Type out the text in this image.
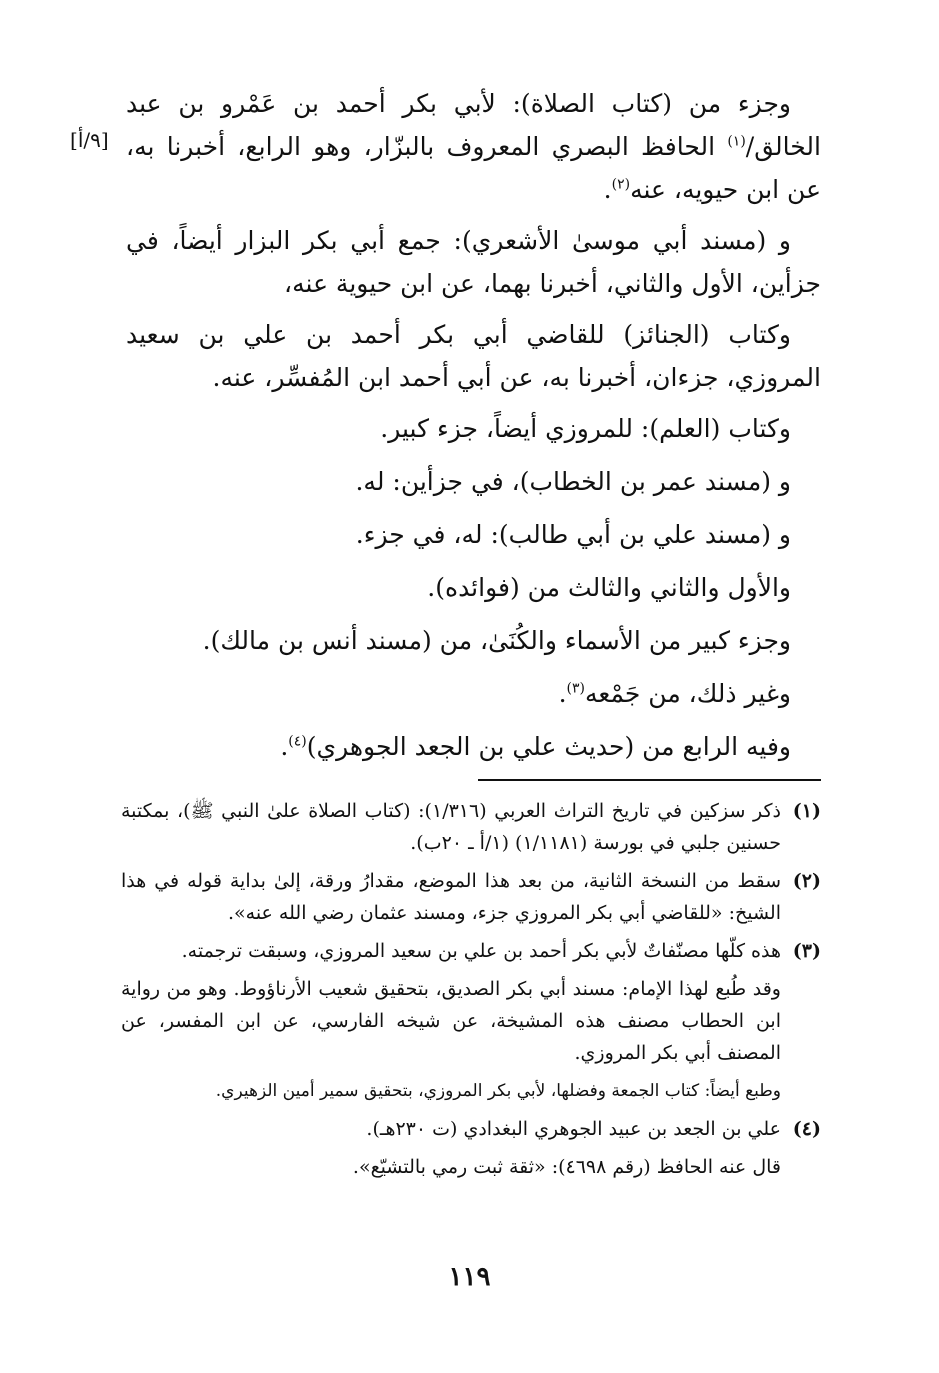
[٩/أ]

وجزء من (كتاب الصلاة): لأبي بكر أحمد بن عَمْرو بن عبد الخالق/$^{(١)}$ الحافظ البصري المعروف بالبزّار، وهو الرابع، أخبرنا به، عن ابن حيويه، عنه$^{(٢)}$.

و (مسند أبي موسىٰ الأشعري): جمع أبي بكر البزار أيضاً، في جزأين، الأول والثاني، أخبرنا بهما، عن ابن حيوية عنه،

وكتاب (الجنائز) للقاضي أبي بكر أحمد بن علي بن سعيد المروزي، جزءان، أخبرنا به، عن أبي أحمد ابن المُفسِّر، عنه.

وكتاب (العلم): للمروزي أيضاً، جزء كبير.

و (مسند عمر بن الخطاب)، في جزأين: له.

و (مسند علي بن أبي طالب): له، في جزء.

والأول والثاني والثالث من (فوائده).

وجزء كبير من الأسماء والكُنَىٰ، من (مسند أنس بن مالك).

وغير ذلك، من جَمْعه$^{(٣)}$.

وفيه الرابع من (حديث علي بن الجعد الجوهري)$^{(٤)}$.

(١)

ذكر سزكين في تاريخ التراث العربي (١/٣١٦): (كتاب الصلاة علىٰ النبي ﷺ)، بمكتبة حسنين جلبي في بورسة (١/١١٨١) (١/أ ـ ٢٠ب).

(٢)

سقط من النسخة الثانية، من بعد هذا الموضع، مقدارُ ورقة، إلىٰ بداية قوله في هذا الشيخ: «للقاضي أبي بكر المروزي جزء، ومسند عثمان رضي الله عنه».

(٣)

هذه كلّها مصنّفاتٌ لأبي بكر أحمد بن علي بن سعيد المروزي، وسبقت ترجمته.

وقد طُبع لهذا الإمام: مسند أبي بكر الصديق، بتحقيق شعيب الأرناؤوط. وهو من رواية ابن الحطاب مصنف هذه المشيخة، عن شيخه الفارسي، عن ابن المفسر، عن المصنف أبي بكر المروزي.

وطبع أيضاً: كتاب الجمعة وفضلها، لأبي بكر المروزي، بتحقيق سمير أمين الزهيري.

(٤)

علي بن الجعد بن عبيد الجوهري البغدادي (ت ٢٣٠هـ).

قال عنه الحافظ (رقم ٤٦٩٨): «ثقة ثبت رمي بالتشيّع».

١١٩
